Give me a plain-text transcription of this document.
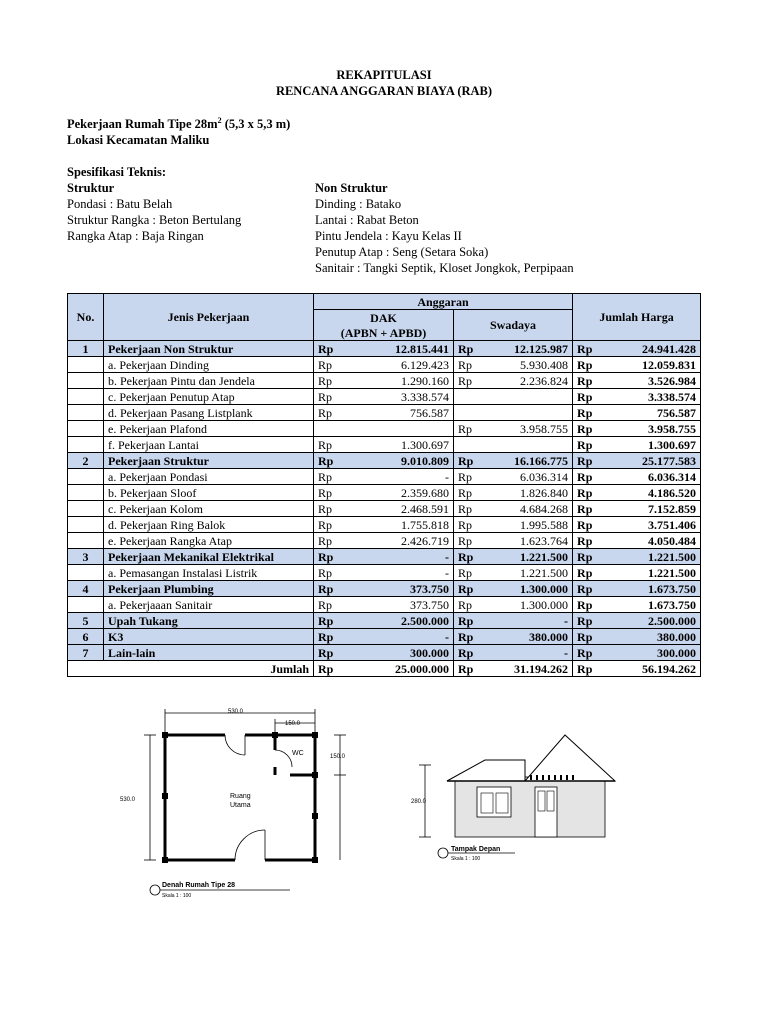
REKAPITULASI
RENCANA ANGGARAN BIAYA (RAB)
Pekerjaan Rumah Tipe $28m^2$ (5,3 x 5,3 m)
Lokasi Kecamatan Maliku
Spesifikasi Teknis:
Struktur
Pondasi : Batu Belah
Struktur Rangka : Beton Bertulang
Rangka Atap : Baja Ringan
Non Struktur
Dinding : Batako
Lantai : Rabat Beton
Pintu Jendela : Kayu Kelas II
Penutup Atap : Seng (Setara Soka)
Sanitair : Tangki Septik, Kloset Jongkok, Perpipaan
No.	Jenis Pekerjaan	Anggaran				Jumlah Harga	
		DAK		Swadaya			
		(APBN + APBD)					
1	Pekerjaan Non Struktur	Rp	12.815.441	Rp	12.125.987	Rp	24.941.428
	a. Pekerjaan Dinding	Rp	6.129.423	Rp	5.930.408	Rp	12.059.831
	b. Pekerjaan Pintu dan Jendela	Rp	1.290.160	Rp	2.236.824	Rp	3.526.984
	c. Pekerjaan Penutup Atap	Rp	3.338.574			Rp	3.338.574
	d. Pekerjaan Pasang Listplank	Rp	756.587			Rp	756.587
	e. Pekerjaan Plafond			Rp	3.958.755	Rp	3.958.755
	f. Pekerjaan Lantai	Rp	1.300.697			Rp	1.300.697
2	Pekerjaan Struktur	Rp	9.010.809	Rp	16.166.775	Rp	25.177.583
	a. Pekerjaan Pondasi	Rp	-	Rp	6.036.314	Rp	6.036.314
	b. Pekerjaan Sloof	Rp	2.359.680	Rp	1.826.840	Rp	4.186.520
	c. Pekerjaan Kolom	Rp	2.468.591	Rp	4.684.268	Rp	7.152.859
	d. Pekerjaan Ring Balok	Rp	1.755.818	Rp	1.995.588	Rp	3.751.406
	e. Pekerjaan Rangka Atap	Rp	2.426.719	Rp	1.623.764	Rp	4.050.484
3	Pekerjaan Mekanikal Elektrikal	Rp	-	Rp	1.221.500	Rp	1.221.500
	a. Pemasangan Instalasi Listrik	Rp	-	Rp	1.221.500	Rp	1.221.500
4	Pekerjaan Plumbing	Rp	373.750	Rp	1.300.000	Rp	1.673.750
	a. Pekerjaaan Sanitair	Rp	373.750	Rp	1.300.000	Rp	1.673.750
5	Upah Tukang	Rp	2.500.000	Rp	-	Rp	2.500.000
6	K3	Rp	-	Rp	380.000	Rp	380.000
7	Lain-lain	Rp	300.000	Rp	-	Rp	300.000
Jumlah		Rp	25.000.000	Rp	31.194.262	Rp	56.194.262
530.0
150.0
150.0
530.0
WC
Ruang
Utama
Denah Rumah Tipe 28
Skala 1 : 100
280.0
Tampak Depan
Skala 1 : 100
